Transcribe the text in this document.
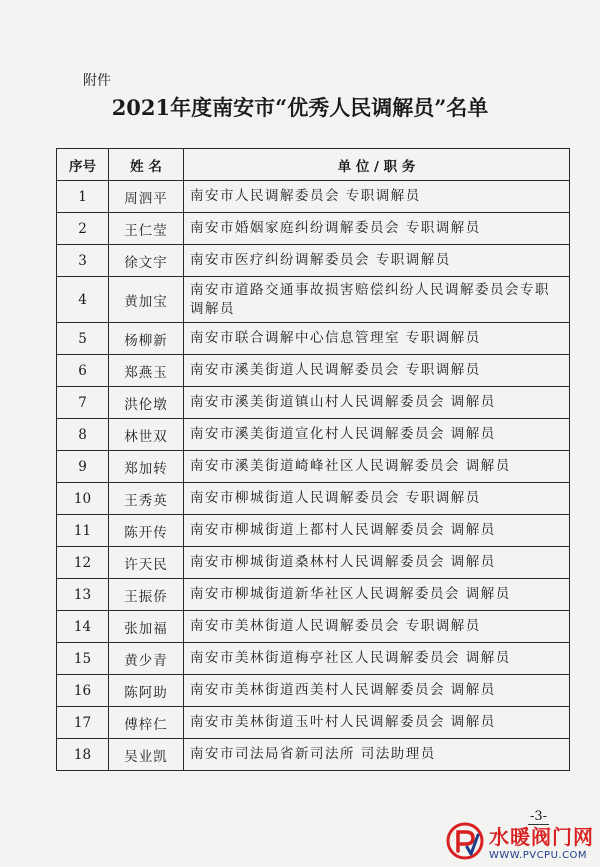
附件
2021年度南安市“优秀人民调解员”名单
序号	姓 名	单 位 / 职 务
1	周泗平	南安市人民调解委员会 专职调解员
2	王仁莹	南安市婚姻家庭纠纷调解委员会 专职调解员
3	徐文宇	南安市医疗纠纷调解委员会 专职调解员
4	黄加宝	南安市道路交通事故损害赔偿纠纷人民调解委员会专职调解员
5	杨柳新	南安市联合调解中心信息管理室 专职调解员
6	郑燕玉	南安市溪美街道人民调解委员会 专职调解员
7	洪伦墩	南安市溪美街道镇山村人民调解委员会 调解员
8	林世双	南安市溪美街道宣化村人民调解委员会 调解员
9	郑加转	南安市溪美街道崎峰社区人民调解委员会 调解员
10	王秀英	南安市柳城街道人民调解委员会 专职调解员
11	陈开传	南安市柳城街道上都村人民调解委员会 调解员
12	许天民	南安市柳城街道桑林村人民调解委员会 调解员
13	王振侨	南安市柳城街道新华社区人民调解委员会 调解员
14	张加福	南安市美林街道人民调解委员会 专职调解员
15	黄少青	南安市美林街道梅亭社区人民调解委员会 调解员
16	陈阿助	南安市美林街道西美村人民调解委员会 调解员
17	傅梓仁	南安市美林街道玉叶村人民调解委员会 调解员
18	吴业凯	南安市司法局省新司法所 司法助理员
-3-
水暖阀门网
WWW.PVCPU.COM
